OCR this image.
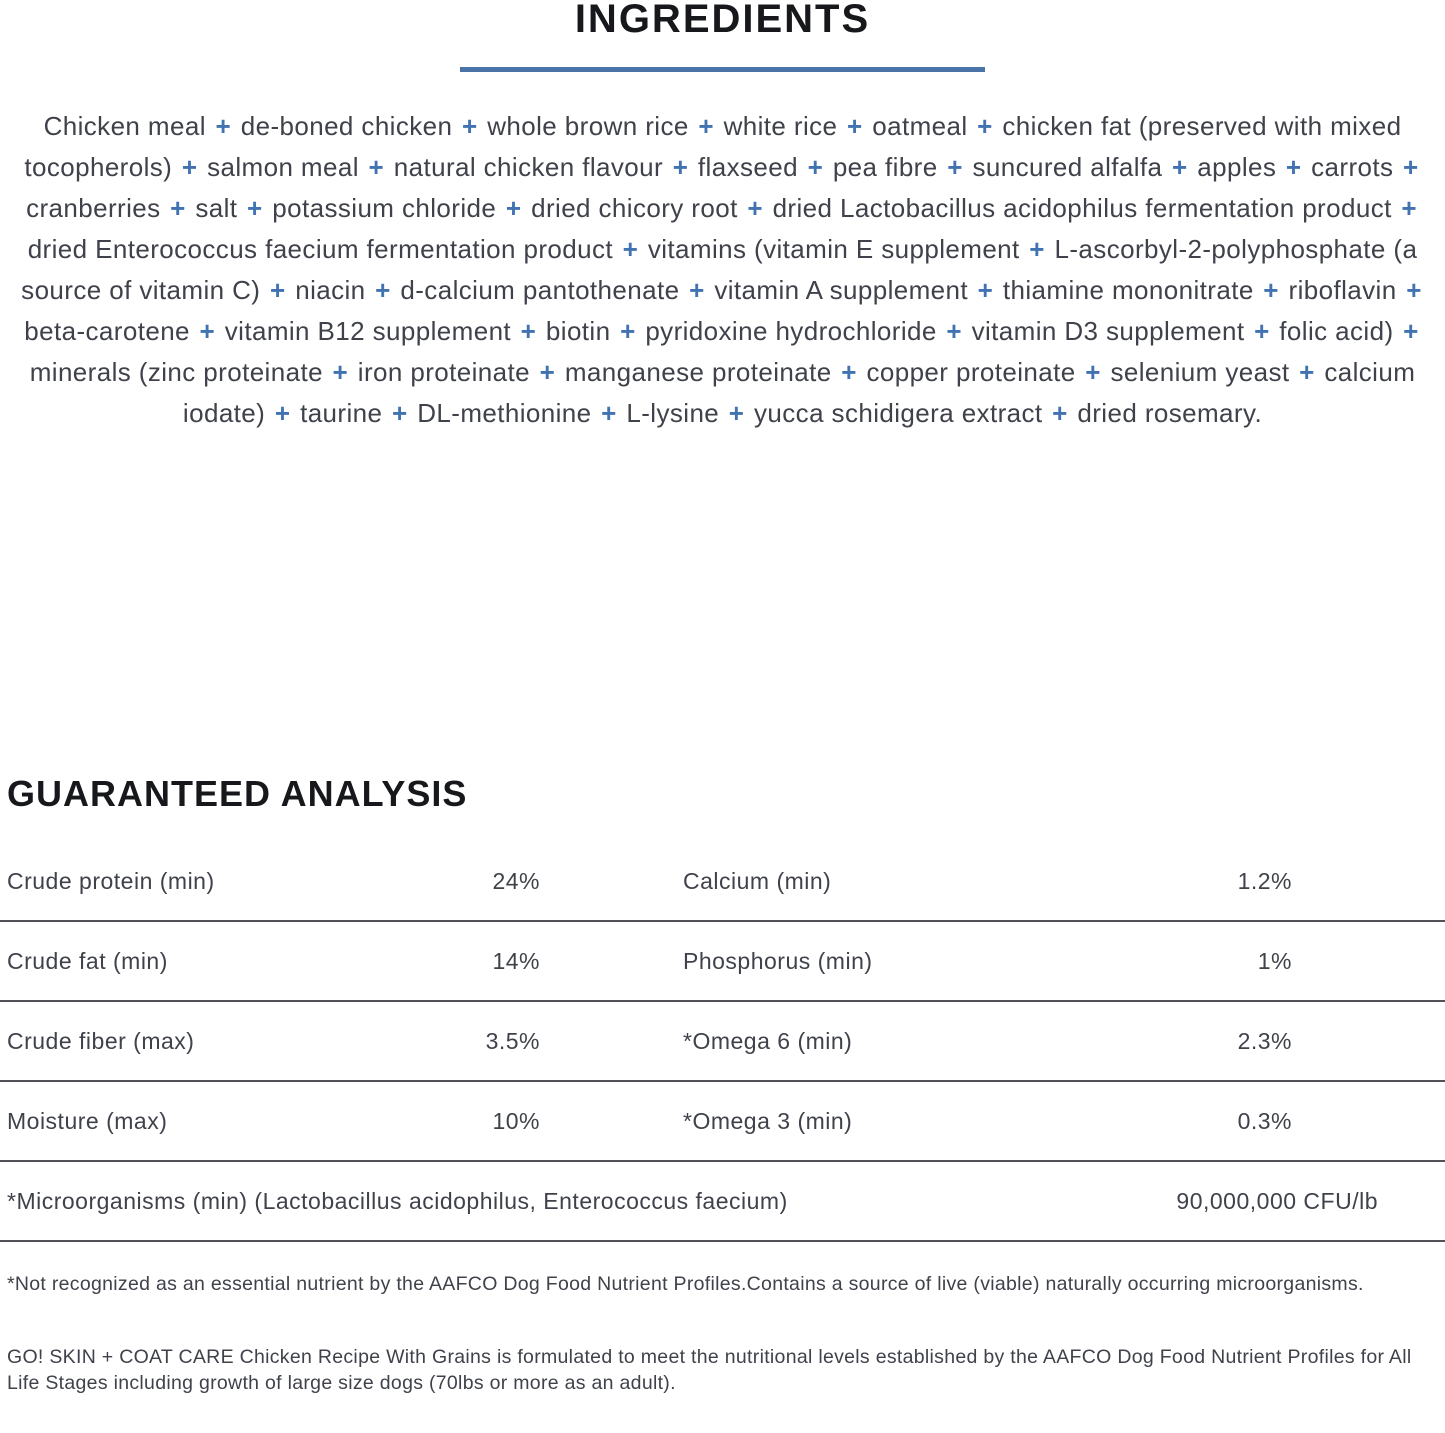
INGREDIENTS

Chicken meal + de-boned chicken + whole brown rice + white rice + oatmeal + chicken fat (preserved with mixed tocopherols) + salmon meal + natural chicken flavour + flaxseed + pea fibre + suncured alfalfa + apples + carrots + cranberries + salt + potassium chloride + dried chicory root + dried Lactobacillus acidophilus fermentation product + dried Enterococcus faecium fermentation product + vitamins (vitamin E supplement + L-ascorbyl-2-polyphosphate (a source of vitamin C) + niacin + d-calcium pantothenate + vitamin A supplement + thiamine mononitrate + riboflavin + beta-carotene + vitamin B12 supplement + biotin + pyridoxine hydrochloride + vitamin D3 supplement + folic acid) + minerals (zinc proteinate + iron proteinate + manganese proteinate + copper proteinate + selenium yeast + calcium iodate) + taurine + DL-methionine + L-lysine + yucca schidigera extract + dried rosemary.

GUARANTEED ANALYSIS
Crude protein (min)	24%	Calcium (min)	1.2%
Crude fat (min)	14%	Phosphorus (min)	1%
Crude fiber (max)	3.5%	*Omega 6 (min)	2.3%
Moisture (max)	10%	*Omega 3 (min)	0.3%
*Microorganisms (min) (Lactobacillus acidophilus, Enterococcus faecium)	90,000,000 CFU/lb

*Not recognized as an essential nutrient by the AAFCO Dog Food Nutrient Profiles.Contains a source of live (viable) naturally occurring microorganisms.

GO! SKIN + COAT CARE Chicken Recipe With Grains is formulated to meet the nutritional levels established by the AAFCO Dog Food Nutrient Profiles for All Life Stages including growth of large size dogs (70lbs or more as an adult).
